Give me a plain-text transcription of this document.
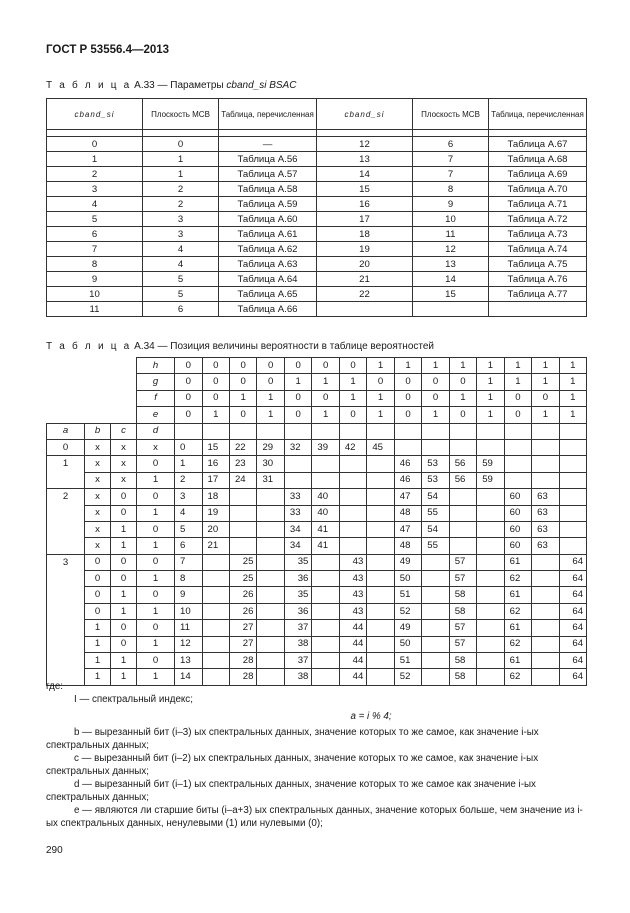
ГОСТ Р 53556.4—2013
Т а б л и ц а А.33 — Параметры cband_si BSAC
cband_si	Плоскость MCB	Таблица, перечисленная	cband_si	Плоскость MCB	Таблица, перечисленная

0	0	—	12	6	Таблица A.67
1	1	Таблица A.56	13	7	Таблица A.68
2	1	Таблица A.57	14	7	Таблица A.69
3	2	Таблица A.58	15	8	Таблица A.70
4	2	Таблица A.59	16	9	Таблица A.71
5	3	Таблица A.60	17	10	Таблица A.72
6	3	Таблица A.61	18	11	Таблица A.73
7	4	Таблица A.62	19	12	Таблица A.74
8	4	Таблица A.63	20	13	Таблица A.75
9	5	Таблица A.64	21	14	Таблица A.76
10	5	Таблица A.65	22	15	Таблица A.77
11	6	Таблица A.66			
Т а б л и ц а А.34 — Позиция величины вероятности в таблице вероятностей
			h	0	0	0	0	0	0	0	1	1	1	1	1	1	1	1
			g	0	0	0	0	1	1	1	0	0	0	0	1	1	1	1
			f	0	0	1	1	0	0	1	1	0	0	1	1	0	0	1
			e	0	1	0	1	0	1	0	1	0	1	0	1	0	1	1
a	b	c	d															
0	x	x	x	0	15	22	29	32	39	42	45							
1	x	x	0	1	16	23	30					46	53	56	59			
	x	x	1	2	17	24	31					46	53	56	59			
2	x	0	0	3	18			33	40			47	54			60	63	
	x	0	1	4	19			33	40			48	55			60	63	
	x	1	0	5	20			34	41			47	54			60	63	
	x	1	1	6	21			34	41			48	55			60	63	
3	0	0	0	7		25		35		43		49		57		61		64
	0	0	1	8		25		36		43		50		57		62		64
	0	1	0	9		26		35		43		51		58		61		64
	0	1	1	10		26		36		43		52		58		62		64
	1	0	0	11		27		37		44		49		57		61		64
	1	0	1	12		27		38		44		50		57		62		64
	1	1	0	13		28		37		44		51		58		61		64
	1	1	1	14		28		38		44		52		58		62		64

где:

I — спектральный индекс;

a = i % 4;

b — вырезанный бит (i–3) ых спектральных данных, значение которых то же самое, как значение i-ых спектральных данных;

c — вырезанный бит (i–2) ых спектральных данных, значение которых то же самое, как значение i-ых спектральных данных;

d — вырезанный бит (i–1) ых спектральных данных, значение которых то же самое как значение i-ых спектральных данных;

e — являются ли старшие биты (i–a+3) ых спектральных данных, значение которых больше, чем значение из i-ых спектральных данных, ненулевыми (1) или нулевыми (0);

290
